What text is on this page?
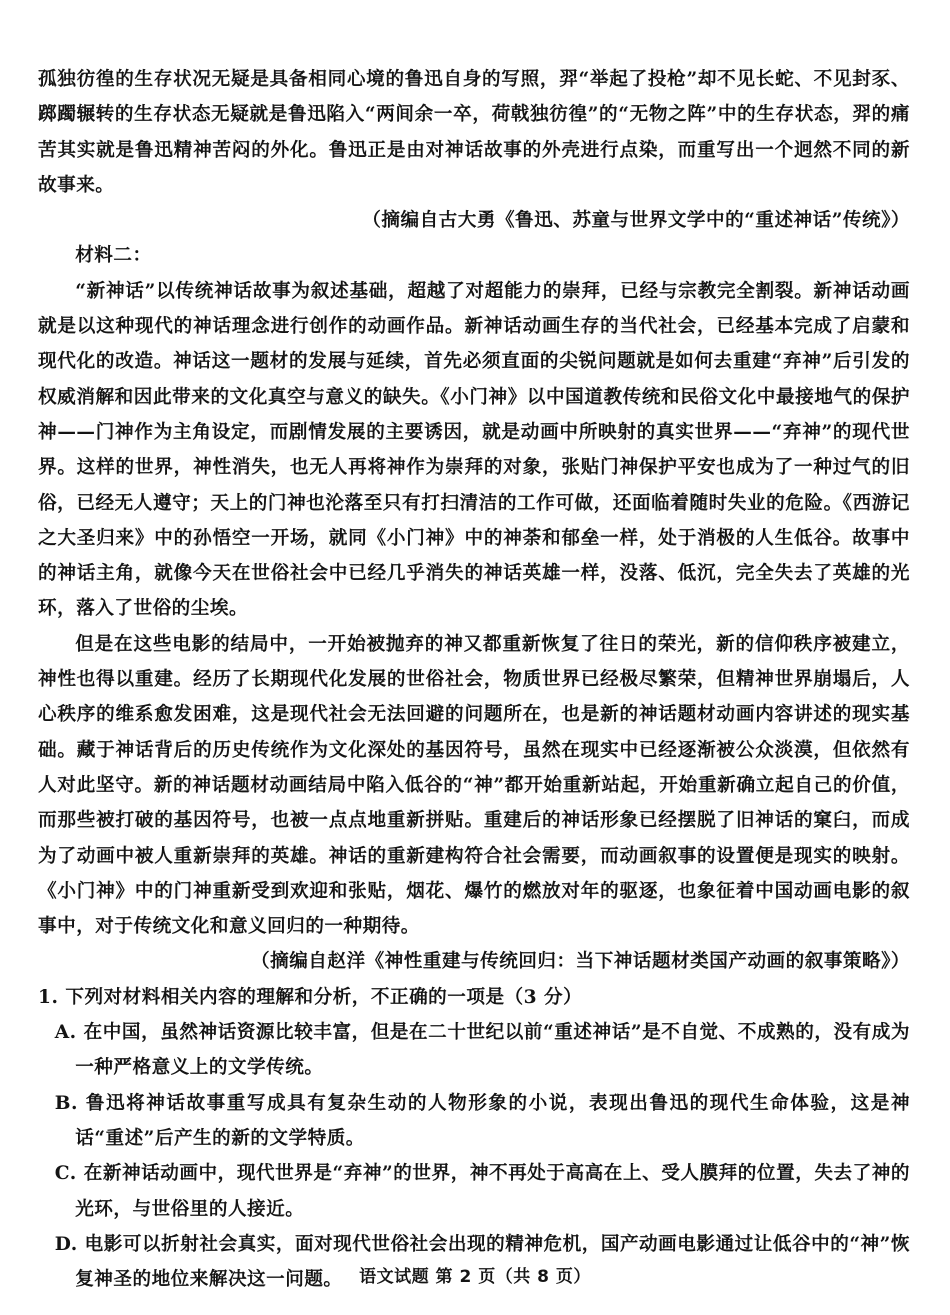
孤独彷徨的生存状况无疑是具备相同心境的鲁迅自身的写照，羿“举起了投枪”却不见长蛇、不见封豕、踯躅辗转的生存状态无疑就是鲁迅陷入“两间余一卒，荷戟独彷徨”的“无物之阵”中的生存状态，羿的痛苦其实就是鲁迅精神苦闷的外化。鲁迅正是由对神话故事的外壳进行点染，而重写出一个迥然不同的新故事来。

（摘编自古大勇《鲁迅、苏童与世界文学中的“重述神话”传统》）

材料二：

“新神话”以传统神话故事为叙述基础，超越了对超能力的崇拜，已经与宗教完全割裂。新神话动画就是以这种现代的神话理念进行创作的动画作品。新神话动画生存的当代社会，已经基本完成了启蒙和现代化的改造。神话这一题材的发展与延续，首先必须直面的尖锐问题就是如何去重建“弃神”后引发的权威消解和因此带来的文化真空与意义的缺失。《小门神》以中国道教传统和民俗文化中最接地气的保护神——门神作为主角设定，而剧情发展的主要诱因，就是动画中所映射的真实世界——“弃神”的现代世界。这样的世界，神性消失，也无人再将神作为崇拜的对象，张贴门神保护平安也成为了一种过气的旧俗，已经无人遵守；天上的门神也沦落至只有打扫清洁的工作可做，还面临着随时失业的危险。《西游记之大圣归来》中的孙悟空一开场，就同《小门神》中的神荼和郁垒一样，处于消极的人生低谷。故事中的神话主角，就像今天在世俗社会中已经几乎消失的神话英雄一样，没落、低沉，完全失去了英雄的光环，落入了世俗的尘埃。

但是在这些电影的结局中，一开始被抛弃的神又都重新恢复了往日的荣光，新的信仰秩序被建立，神性也得以重建。经历了长期现代化发展的世俗社会，物质世界已经极尽繁荣，但精神世界崩塌后，人心秩序的维系愈发困难，这是现代社会无法回避的问题所在，也是新的神话题材动画内容讲述的现实基础。藏于神话背后的历史传统作为文化深处的基因符号，虽然在现实中已经逐渐被公众淡漠，但依然有人对此坚守。新的神话题材动画结局中陷入低谷的“神”都开始重新站起，开始重新确立起自己的价值，而那些被打破的基因符号，也被一点点地重新拼贴。重建后的神话形象已经摆脱了旧神话的窠臼，而成为了动画中被人重新崇拜的英雄。神话的重新建构符合社会需要，而动画叙事的设置便是现实的映射。《小门神》中的门神重新受到欢迎和张贴，烟花、爆竹的燃放对年的驱逐，也象征着中国动画电影的叙事中，对于传统文化和意义回归的一种期待。

（摘编自赵洋《神性重建与传统回归：当下神话题材类国产动画的叙事策略》）

1. 下列对材料相关内容的理解和分析，不正确的一项是（3 分）

A. 在中国，虽然神话资源比较丰富，但是在二十世纪以前“重述神话”是不自觉、不成熟的，没有成为一种严格意义上的文学传统。

B. 鲁迅将神话故事重写成具有复杂生动的人物形象的小说，表现出鲁迅的现代生命体验，这是神话“重述”后产生的新的文学特质。

C. 在新神话动画中，现代世界是“弃神”的世界，神不再处于高高在上、受人膜拜的位置，失去了神的光环，与世俗里的人接近。

D. 电影可以折射社会真实，面对现代世俗社会出现的精神危机，国产动画电影通过让低谷中的“神”恢复神圣的地位来解决这一问题。 语文试题 第 2 页（共 8 页）
